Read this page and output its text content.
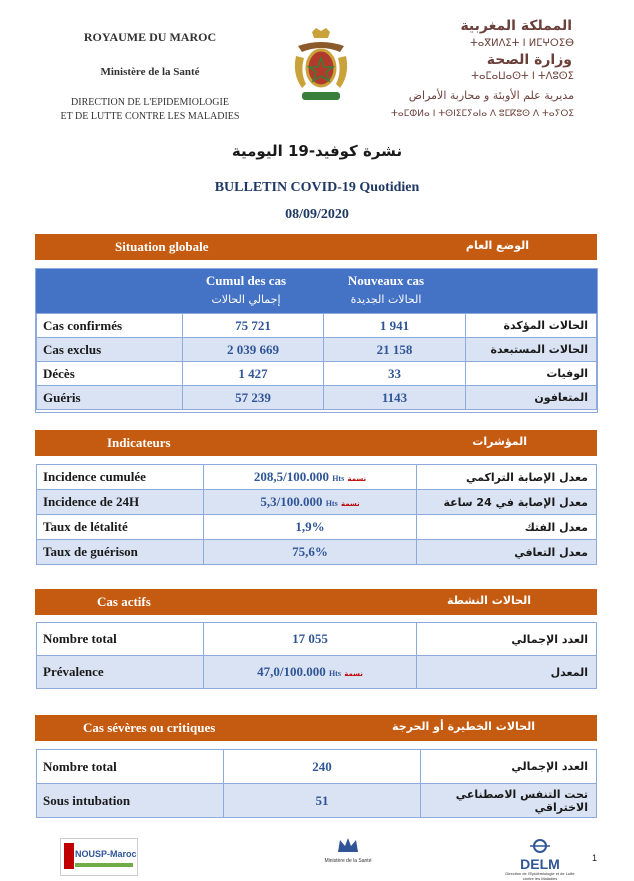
ROYAUME DU MAROC
Ministère de la Santé
DIRECTION DE L'EPIDEMIOLOGIE
ET DE LUTTE CONTRE LES MALADIES
المملكة المغربية
ⵜⴰⴳⵍⴷⵉⵜ ⵏ ⵍⵎⵖⵔⵉⴱ
وزارة الصحة
ⵜⴰⵎⴰⵡⴰⵙⵜ ⵏ ⵜⴷⵓⵙⵉ
مديرية علم الأوبئة و محاربة الأمراض
ⵜⴰⵎⵀⵍⴰ ⵏ ⵜⵙⵏⵉⵎⵢⴰⵏⴰ ⴷ ⵓⵎⴽⵓⵙ ⴷ ⵜⴰⵢⵔⵉ
نشرة كوفيد-19 اليومية
BULLETIN COVID-19 Quotidien
08/09/2020
Situation globale	الوضع العام
Cumul des cas
إجمالي الحالات
Nouveaux cas
الحالات الجديدة
Cas confirmés	75 721	1 941	الحالات المؤكدة
Cas exclus	2 039 669	21 158	الحالات المستبعدة
Décès	1 427	33	الوفيات
Guéris	57 239	1143	المتعافون
Indicateurs	المؤشرات
Incidence cumulée	208,5/100.000 Hts نسمة	معدل الإصابة التراكمي
Incidence de 24H	5,3/100.000 Hts نسمة	معدل الإصابة في 24 ساعة
Taux de létalité	1,9%	معدل الفتك
Taux de guérison	75,6%	معدل التعافي
Cas actifs	الحالات النشطة
Nombre total	17 055	العدد الإجمالي
Prévalence	47,0/100.000 Hts نسمة	المعدل
Cas sévères ou critiques	الحالات الخطيرة أو الحرجة
Nombre total	240	العدد الإجمالي
Sous intubation	51	تحت التنفس الاصطناعي الاختراقي
NOUSP-Maroc
Ministère de la Santé	DELM
Direction de l'Epidémiologie et de Lutte contre les Maladies
1
